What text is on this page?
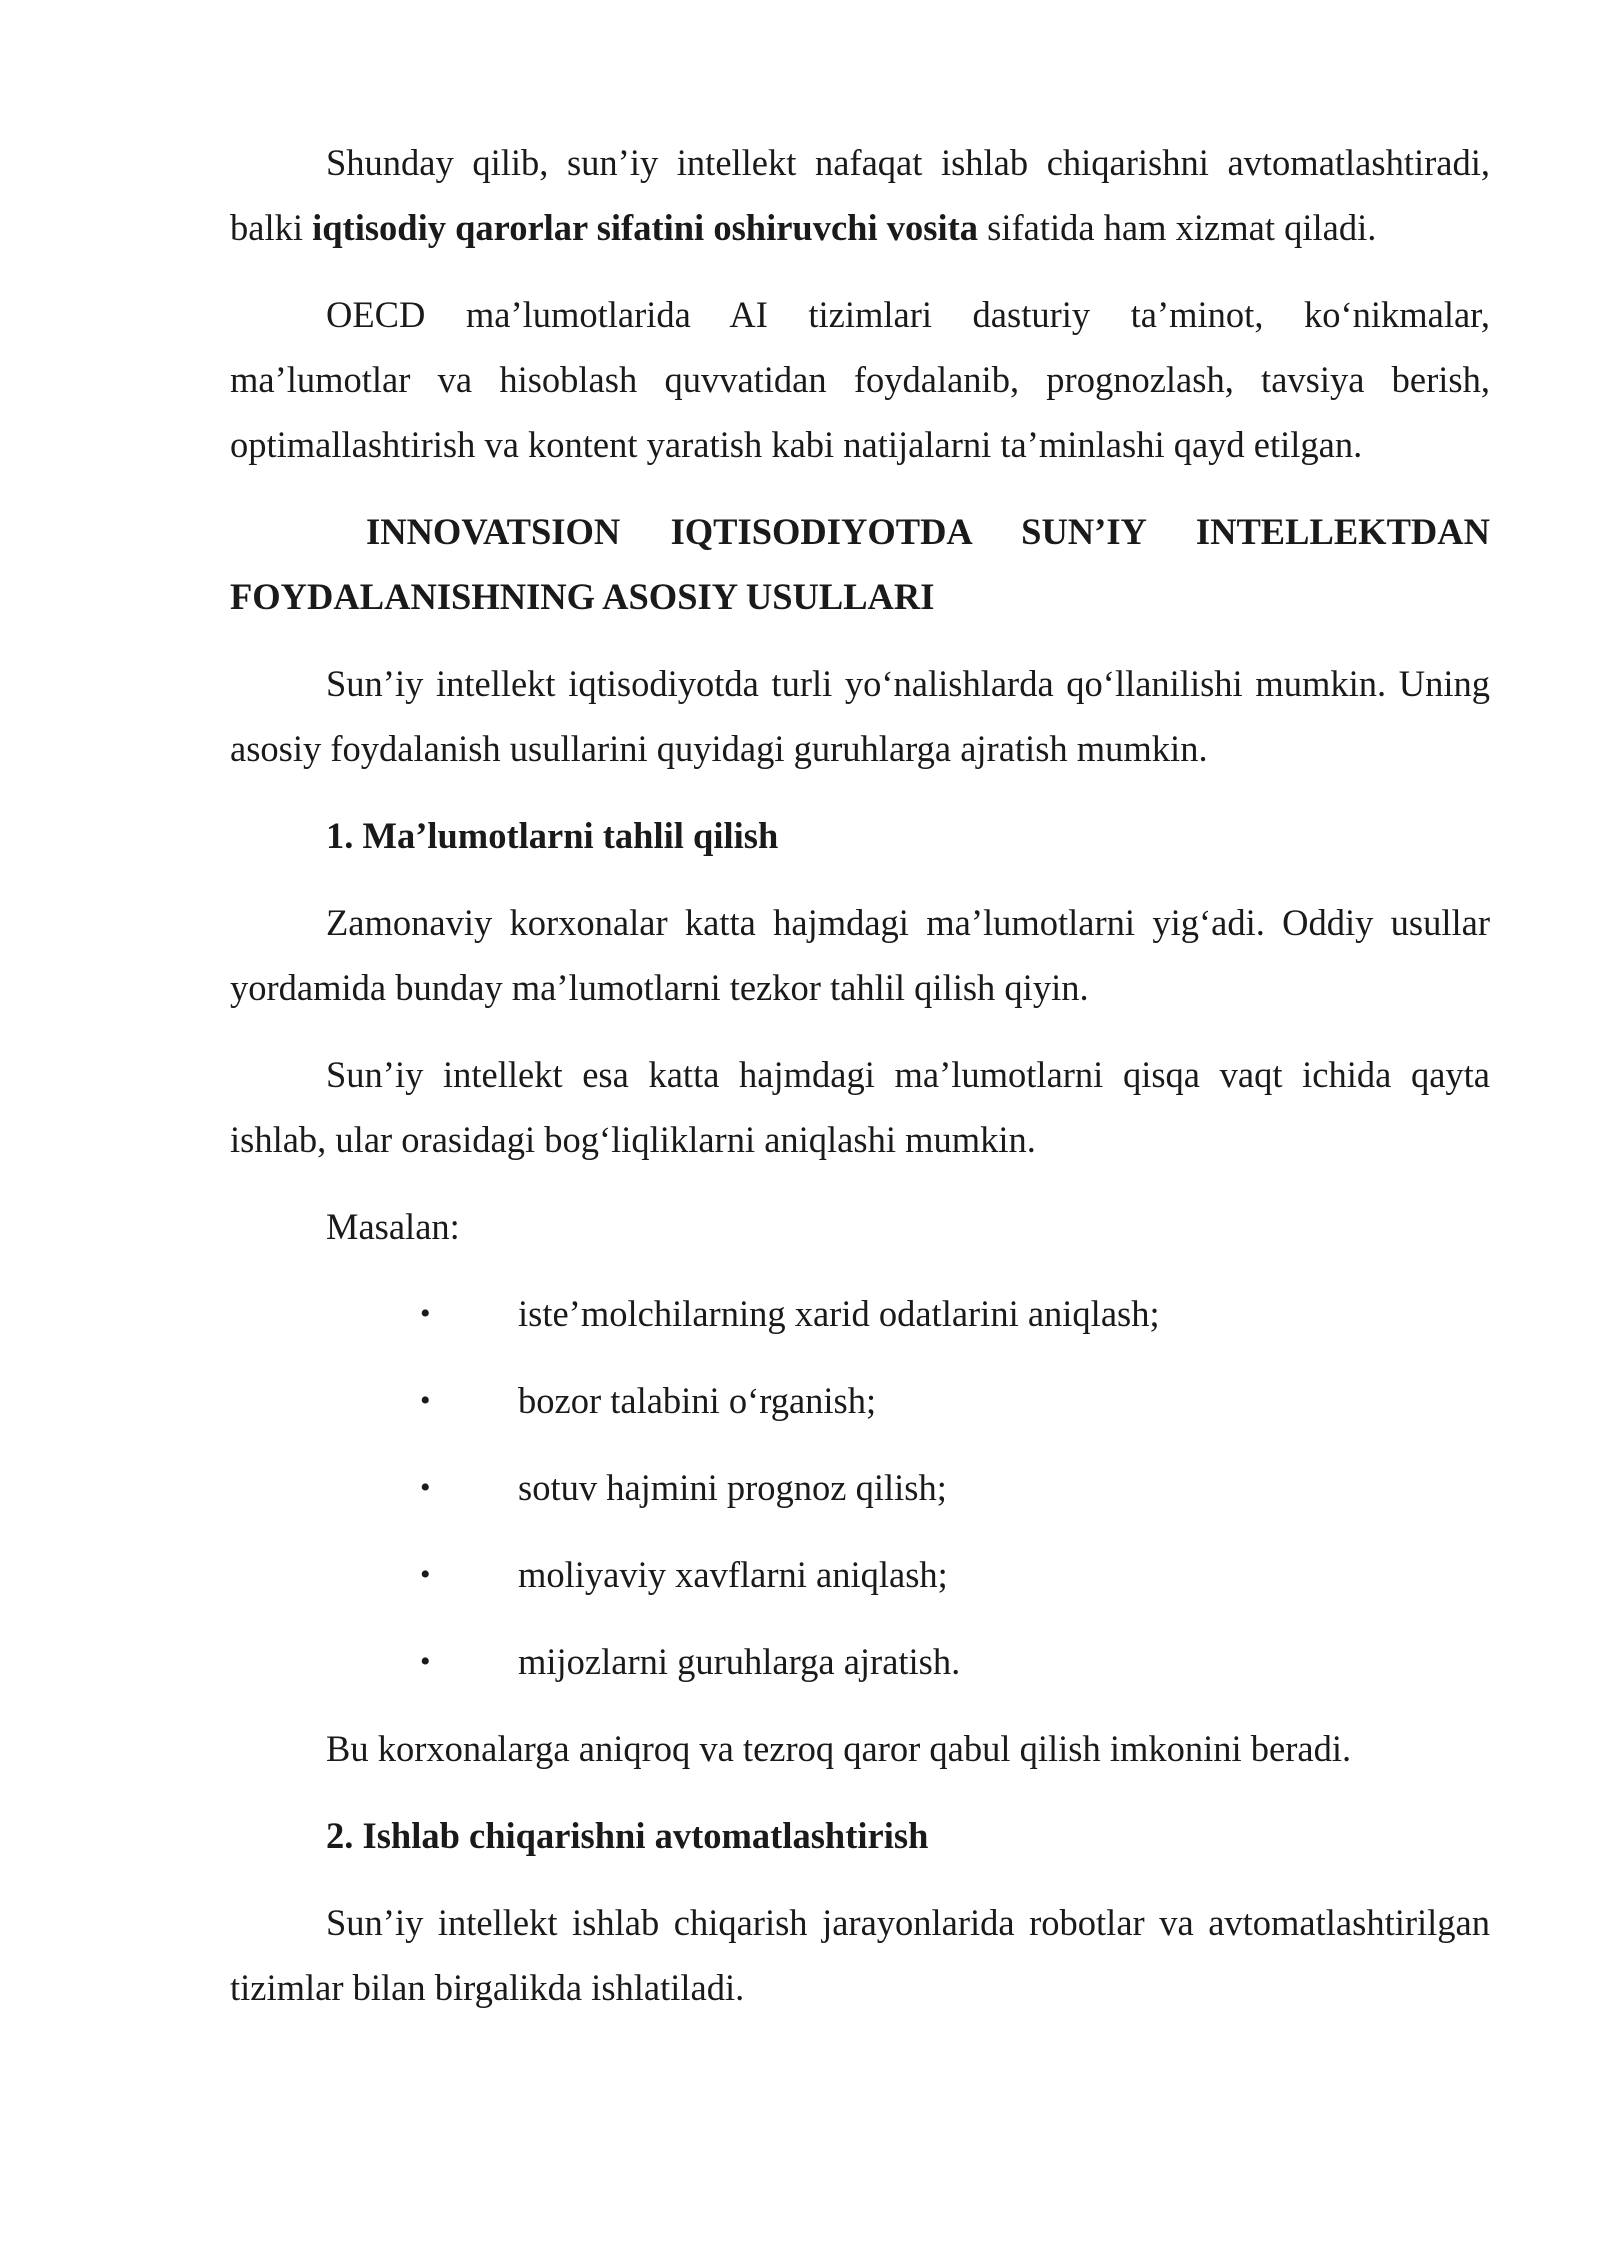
Shunday qilib, sun’iy intellekt nafaqat ishlab chiqarishni avtomatlashtiradi, balki iqtisodiy qarorlar sifatini oshiruvchi vosita sifatida ham xizmat qiladi.

OECD ma’lumotlarida AI tizimlari dasturiy ta’minot, ko‘nikmalar, ma’lumotlar va hisoblash quvvatidan foydalanib, prognozlash, tavsiya berish, optimallashtirish va kontent yaratish kabi natijalarni ta’minlashi qayd etilgan.

INNOVATSION IQTISODIYOTDA SUN’IY INTELLEKTDAN FOYDALANISHNING ASOSIY USULLARI

Sun’iy intellekt iqtisodiyotda turli yo‘nalishlarda qo‘llanilishi mumkin. Uning asosiy foydalanish usullarini quyidagi guruhlarga ajratish mumkin.

1. Ma’lumotlarni tahlil qilish

Zamonaviy korxonalar katta hajmdagi ma’lumotlarni yig‘adi. Oddiy usullar yordamida bunday ma’lumotlarni tezkor tahlil qilish qiyin.

Sun’iy intellekt esa katta hajmdagi ma’lumotlarni qisqa vaqt ichida qayta ishlab, ular orasidagi bog‘liqliklarni aniqlashi mumkin.

Masalan:

• iste’molchilarning xarid odatlarini aniqlash;
• bozor talabini o‘rganish;
• sotuv hajmini prognoz qilish;
• moliyaviy xavflarni aniqlash;
• mijozlarni guruhlarga ajratish.

Bu korxonalarga aniqroq va tezroq qaror qabul qilish imkonini beradi.

2. Ishlab chiqarishni avtomatlashtirish

Sun’iy intellekt ishlab chiqarish jarayonlarida robotlar va avtomatlashtirilgan tizimlar bilan birgalikda ishlatiladi.
